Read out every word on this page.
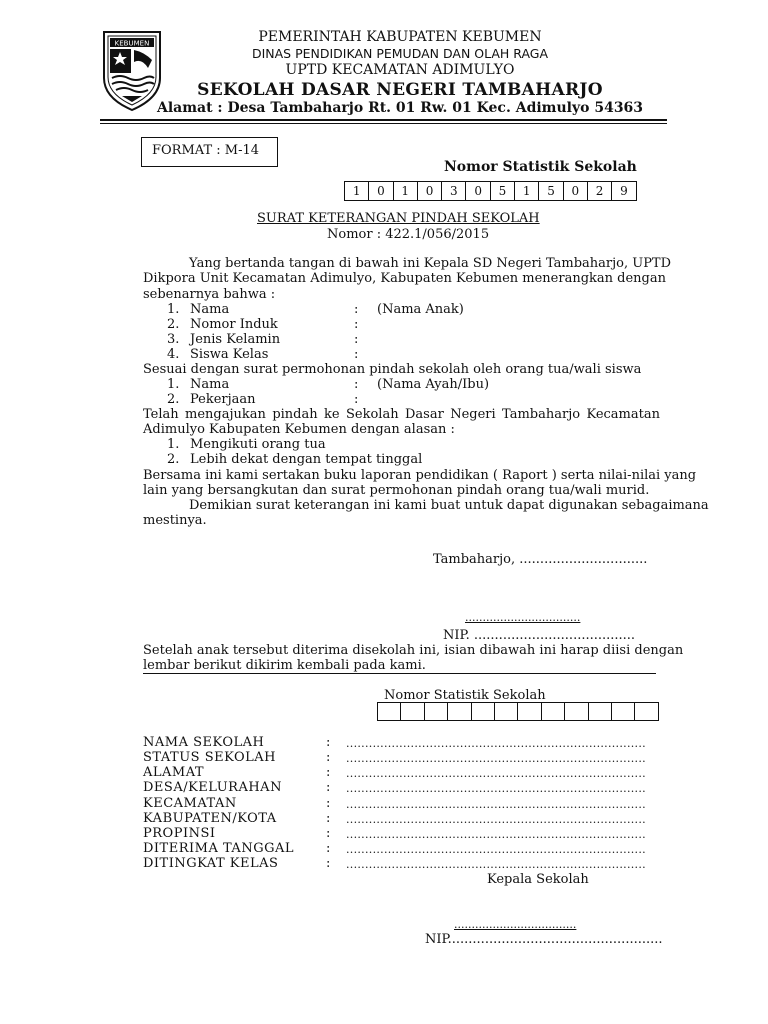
KEBUMEN	PEMERINTAH KABUPATEN KEBUMEN
DINAS PENDIDIKAN PEMUDAN DAN OLAH RAGA
UPTD KECAMATAN ADIMULYO
SEKOLAH DASAR NEGERI TAMBAHARJO
Alamat : Desa Tambaharjo Rt. 01 Rw. 01 Kec. Adimulyo 54363
FORMAT : M-14
Nomor Statistik Sekolah
1	0	1	0	3	0	5	1	5	0	2	9
SURAT KETERANGAN PINDAH SEKOLAH
Nomor : 422.1/056/2015
Yang bertanda tangan di bawah ini Kepala SD Negeri Tambaharjo, UPTD
Dikpora Unit Kecamatan Adimulyo, Kabupaten Kebumen menerangkan dengan
sebenarnya bahwa :
1. Nama	: (Nama Anak)
2. Nomor Induk	:
3. Jenis Kelamin	:
4. Siswa Kelas	:
Sesuai dengan surat permohonan pindah sekolah oleh orang tua/wali siswa
1. Nama	: (Nama Ayah/Ibu)
2. Pekerjaan	:
Telah mengajukan pindah ke Sekolah Dasar Negeri Tambaharjo Kecamatan
Adimulyo Kabupaten Kebumen dengan alasan :
1. Mengikuti orang tua
2. Lebih dekat dengan tempat tinggal
Bersama ini kami sertakan buku laporan pendidikan ( Raport ) serta nilai-nilai yang
lain yang bersangkutan dan surat permohonan pindah orang tua/wali murid.
Demikian surat keterangan ini kami buat untuk dapat digunakan sebagaimana
mestinya.
Tambaharjo, ...............................
.................................
NIP. .......................................
Setelah anak tersebut diterima disekolah ini, isian dibawah ini harap diisi dengan
lembar berikut dikirim kembali pada kami.
Nomor Statistik Sekolah
NAMA SEKOLAH	: ...............................................................................
STATUS SEKOLAH	: ...............................................................................
ALAMAT	: ...............................................................................
DESA/KELURAHAN	: ...............................................................................
KECAMATAN	: ...............................................................................
KABUPATEN/KOTA	: ...............................................................................
PROPINSI	: ...............................................................................
DITERIMA TANGGAL : ...............................................................................
DITINGKAT KELAS	: ...............................................................................
Kepala Sekolah
...................................
NIP....................................................
